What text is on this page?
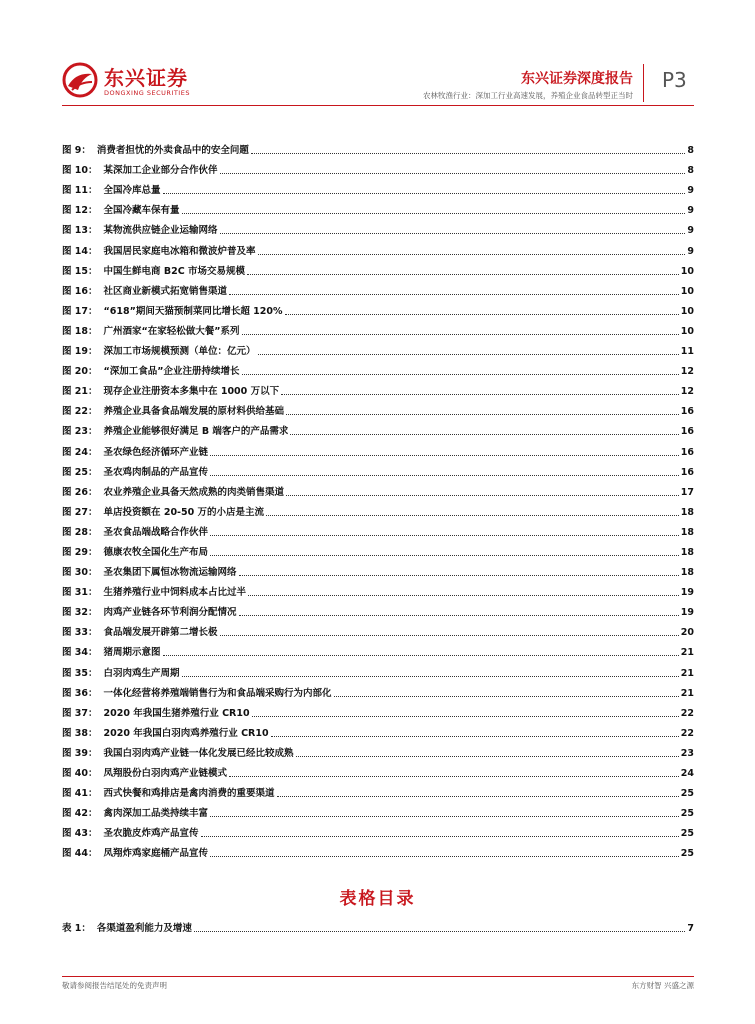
东兴证券
DONGXING SECURITIES
东兴证券深度报告
农林牧渔行业：深加工行业高速发展，养殖企业食品转型正当时
P3
图 9： 消费者担忧的外卖食品中的安全问题	8
图 10： 某深加工企业部分合作伙伴	8
图 11： 全国冷库总量	9
图 12： 全国冷藏车保有量	9
图 13： 某物流供应链企业运输网络	9
图 14： 我国居民家庭电冰箱和微波炉普及率	9
图 15： 中国生鲜电商 B2C 市场交易规模	10
图 16： 社区商业新模式拓宽销售渠道	10
图 17： “618”期间天猫预制菜同比增长超 120%	10
图 18： 广州酒家“在家轻松做大餐”系列	10
图 19： 深加工市场规模预测（单位：亿元）	11
图 20： “深加工食品”企业注册持续增长	12
图 21： 现存企业注册资本多集中在 1000 万以下	12
图 22： 养殖企业具备食品端发展的原材料供给基础	16
图 23： 养殖企业能够很好满足 B 端客户的产品需求	16
图 24： 圣农绿色经济循环产业链	16
图 25： 圣农鸡肉制品的产品宣传	16
图 26： 农业养殖企业具备天然成熟的肉类销售渠道	17
图 27： 单店投资额在 20-50 万的小店是主流	18
图 28： 圣农食品端战略合作伙伴	18
图 29： 德康农牧全国化生产布局	18
图 30： 圣农集团下属恒冰物流运输网络	18
图 31： 生猪养殖行业中饲料成本占比过半	19
图 32： 肉鸡产业链各环节利润分配情况	19
图 33： 食品端发展开辟第二增长极	20
图 34： 猪周期示意图	21
图 35： 白羽肉鸡生产周期	21
图 36： 一体化经营将养殖端销售行为和食品端采购行为内部化	21
图 37： 2020 年我国生猪养殖行业 CR10	22
图 38： 2020 年我国白羽肉鸡养殖行业 CR10	22
图 39： 我国白羽肉鸡产业链一体化发展已经比较成熟	23
图 40： 凤翔股份白羽肉鸡产业链模式	24
图 41： 西式快餐和鸡排店是禽肉消费的重要渠道	25
图 42： 禽肉深加工品类持续丰富	25
图 43： 圣农脆皮炸鸡产品宣传	25
图 44： 凤翔炸鸡家庭桶产品宣传	25
表格目录
表 1： 各渠道盈利能力及增速	7
敬请参阅报告结尾处的免责声明	东方财智 兴盛之源
